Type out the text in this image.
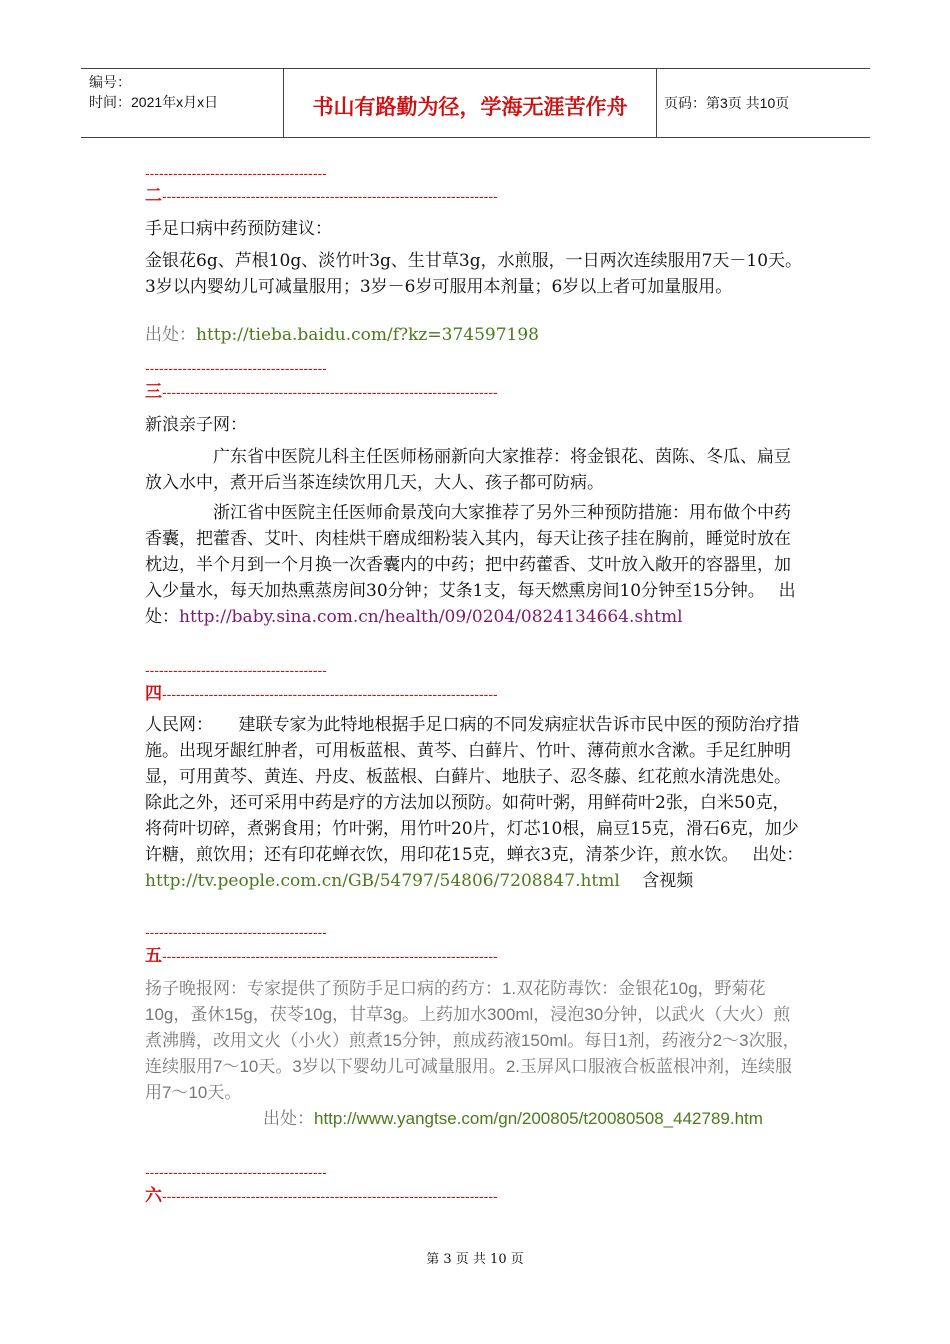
编号：
时间：2021年x月x日	书山有路勤为径，学海无涯苦作舟	页码：第3页 共10页
---------------------------------------
二------------------------------------------------------------------------
手足口病中药预防建议：
金银花6g、芦根10g、淡竹叶3g、生甘草3g，水煎服，一日两次连续服用7天－10天。3岁以内婴幼儿可减量服用；3岁－6岁可服用本剂量；6岁以上者可加量服用。
出处：http://tieba.baidu.com/f?kz=374597198
---------------------------------------
三------------------------------------------------------------------------
新浪亲子网：
广东省中医院儿科主任医师杨丽新向大家推荐：将金银花、茵陈、冬瓜、扁豆放入水中，煮开后当茶连续饮用几天，大人、孩子都可防病。
浙江省中医院主任医师俞景茂向大家推荐了另外三种预防措施：用布做个中药香囊，把藿香、艾叶、肉桂烘干磨成细粉装入其内，每天让孩子挂在胸前，睡觉时放在枕边，半个月到一个月换一次香囊内的中药；把中药藿香、艾叶放入敞开的容器里，加入少量水，每天加热熏蒸房间30分钟；艾条1支，每天燃熏房间10分钟至15分钟。　 出处：http://baby.sina.com.cn/health/09/0204/0824134664.shtml
---------------------------------------
四------------------------------------------------------------------------
人民网：　　建联专家为此特地根据手足口病的不同发病症状告诉市民中医的预防治疗措施。出现牙龈红肿者，可用板蓝根、黄芩、白藓片、竹叶、薄荷煎水含漱。手足红肿明显，可用黄芩、黄连、丹皮、板蓝根、白藓片、地肤子、忍冬藤、红花煎水清洗患处。　　除此之外，还可采用中药是疗的方法加以预防。如荷叶粥，用鲜荷叶2张，白米50克，将荷叶切碎，煮粥食用；竹叶粥，用竹叶20片，灯芯10根，扁豆15克，滑石6克，加少许糖，煎饮用；还有印花蝉衣饮，用印花15克，蝉衣3克，清茶少许，煎水饮。　 出处：
http://tv.people.com.cn/GB/54797/54806/7208847.html　 含视频
---------------------------------------
五------------------------------------------------------------------------
扬子晚报网：专家提供了预防手足口病的药方：1.双花防毒饮：金银花10g，野菊花10g，蚤休15g，茯苓10g，甘草3g。上药加水300ml，浸泡30分钟，以武火（大火）煎煮沸腾，改用文火（小火）煎煮15分钟，煎成药液150ml。每日1剂，药液分2～3次服，连续服用7～10天。3岁以下婴幼儿可减量服用。2.玉屏风口服液合板蓝根冲剂，连续服用7～10天。
出处：http://www.yangtse.com/gn/200805/t20080508_442789.htm
---------------------------------------
六------------------------------------------------------------------------
第 3 页 共 10 页
